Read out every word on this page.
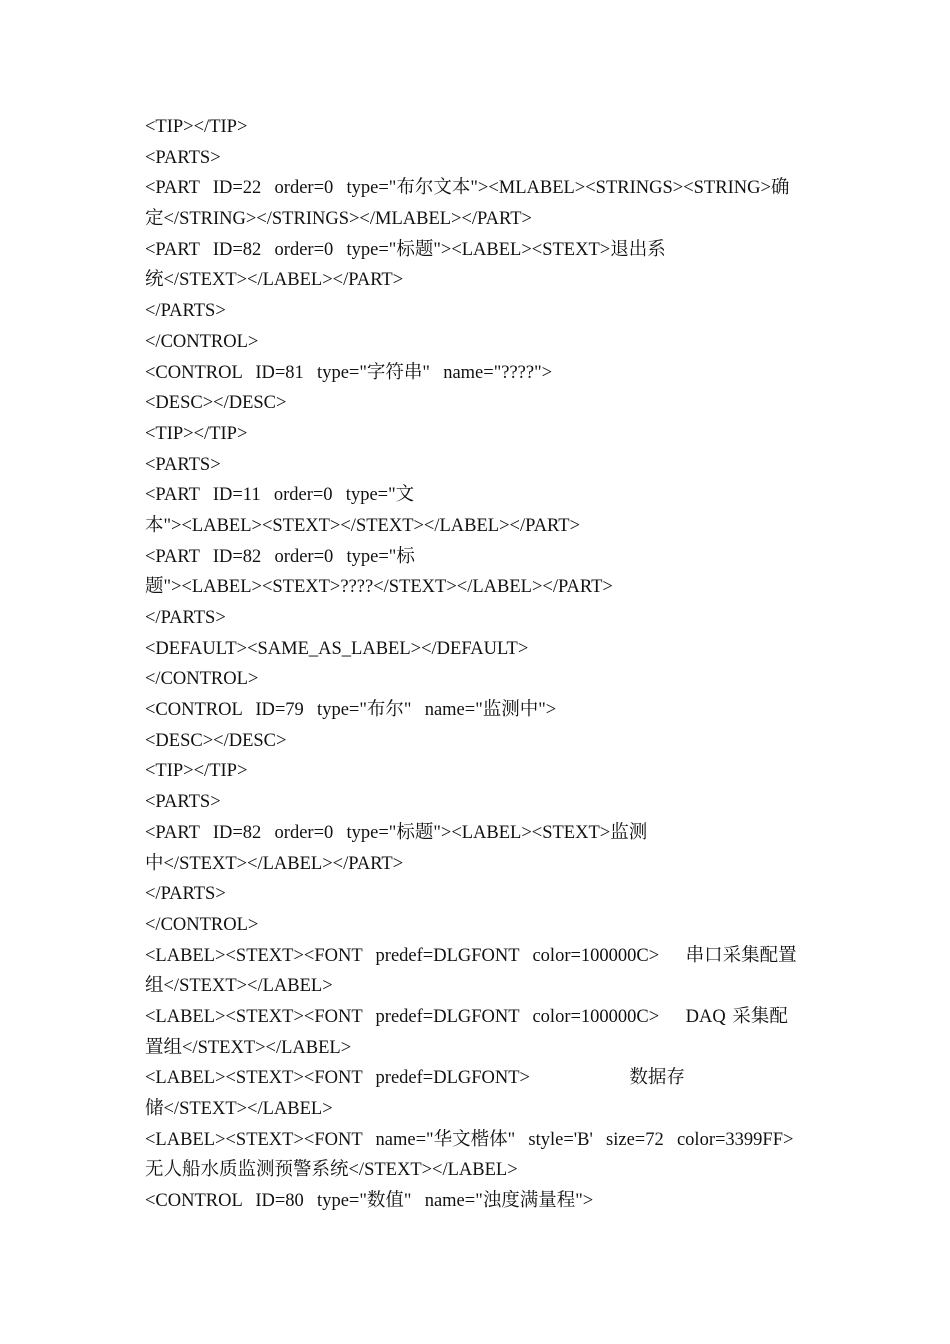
<TIP></TIP>
<PARTS>
<PART  ID=22  order=0  type="布尔文本"><MLABEL><STRINGS><STRING>确
定</STRING></STRINGS></MLABEL></PART>
<PART  ID=82  order=0  type="标题"><LABEL><STEXT>退出系
统</STEXT></LABEL></PART>
</PARTS>
</CONTROL>
<CONTROL  ID=81  type="字符串"  name="????">
<DESC></DESC>
<TIP></TIP>
<PARTS>
<PART  ID=11  order=0  type="文
本"><LABEL><STEXT></STEXT></LABEL></PART>
<PART  ID=82  order=0  type="标
题"><LABEL><STEXT>????</STEXT></LABEL></PART>
</PARTS>
<DEFAULT><SAME_AS_LABEL></DEFAULT>
</CONTROL>
<CONTROL  ID=79  type="布尔"  name="监测中">
<DESC></DESC>
<TIP></TIP>
<PARTS>
<PART  ID=82  order=0  type="标题"><LABEL><STEXT>监测
中</STEXT></LABEL></PART>
</PARTS>
</CONTROL>
<LABEL><STEXT><FONT  predef=DLGFONT  color=100000C>    串口采集配置
组</STEXT></LABEL>
<LABEL><STEXT><FONT  predef=DLGFONT  color=100000C>    DAQ 采集配
置组</STEXT></LABEL>
<LABEL><STEXT><FONT  predef=DLGFONT>               数据存
储</STEXT></LABEL>
<LABEL><STEXT><FONT  name="华文楷体"  style='B'  size=72  color=3399FF>
无人船水质监测预警系统</STEXT></LABEL>
<CONTROL  ID=80  type="数值"  name="浊度满量程">
